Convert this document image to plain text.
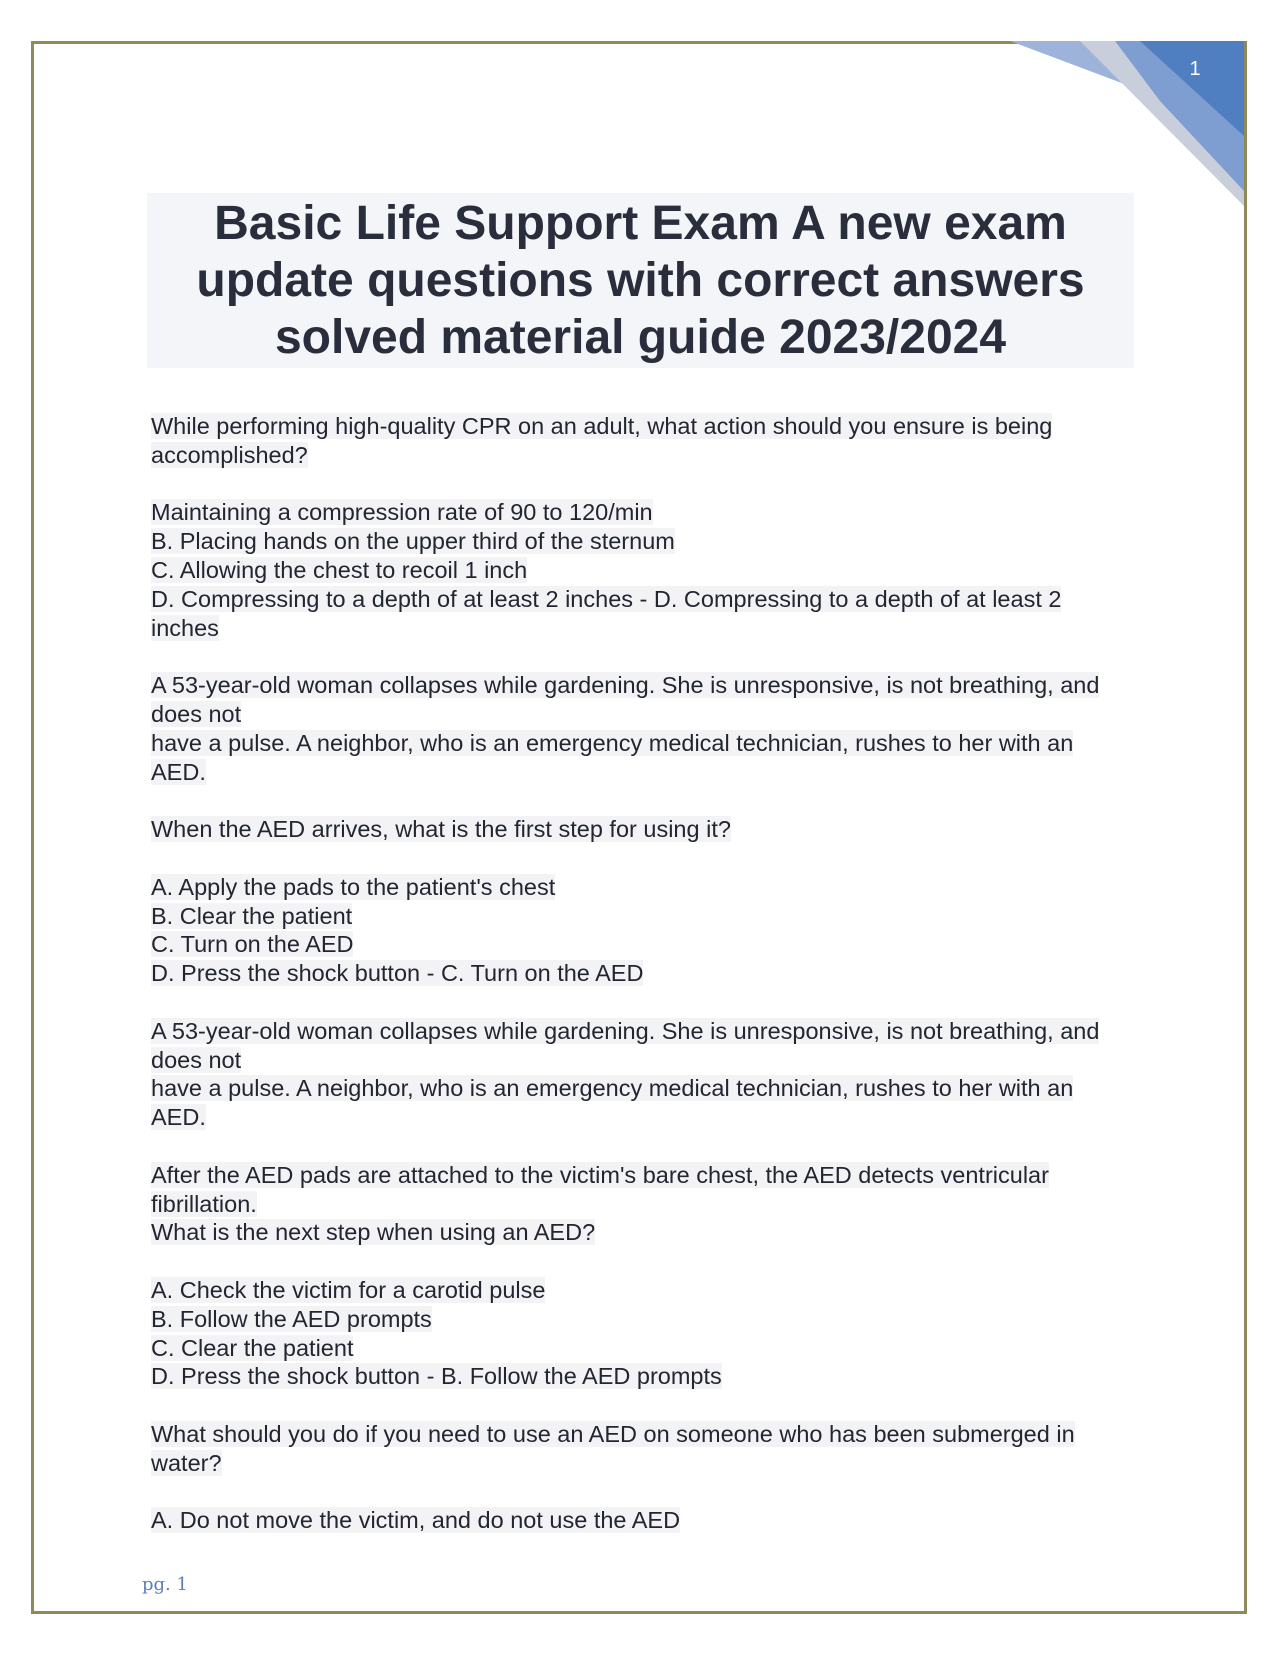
1
Basic Life Support Exam A new exam update questions with correct answers solved material guide 2023/2024
While performing high-quality CPR on an adult, what action should you ensure is being accomplished?
Maintaining a compression rate of 90 to 120/min
B. Placing hands on the upper third of the sternum
C. Allowing the chest to recoil 1 inch
D. Compressing to a depth of at least 2 inches - D. Compressing to a depth of at least 2 inches
A 53-year-old woman collapses while gardening. She is unresponsive, is not breathing, and does not
have a pulse. A neighbor, who is an emergency medical technician, rushes to her with an AED.
When the AED arrives, what is the first step for using it?
A. Apply the pads to the patient's chest
B. Clear the patient
C. Turn on the AED
D. Press the shock button - C. Turn on the AED
A 53-year-old woman collapses while gardening. She is unresponsive, is not breathing, and does not
have a pulse. A neighbor, who is an emergency medical technician, rushes to her with an AED.
After the AED pads are attached to the victim's bare chest, the AED detects ventricular fibrillation.
What is the next step when using an AED?
A. Check the victim for a carotid pulse
B. Follow the AED prompts
C. Clear the patient
D. Press the shock button - B. Follow the AED prompts
What should you do if you need to use an AED on someone who has been submerged in water?
A. Do not move the victim, and do not use the AED
pg. 1
